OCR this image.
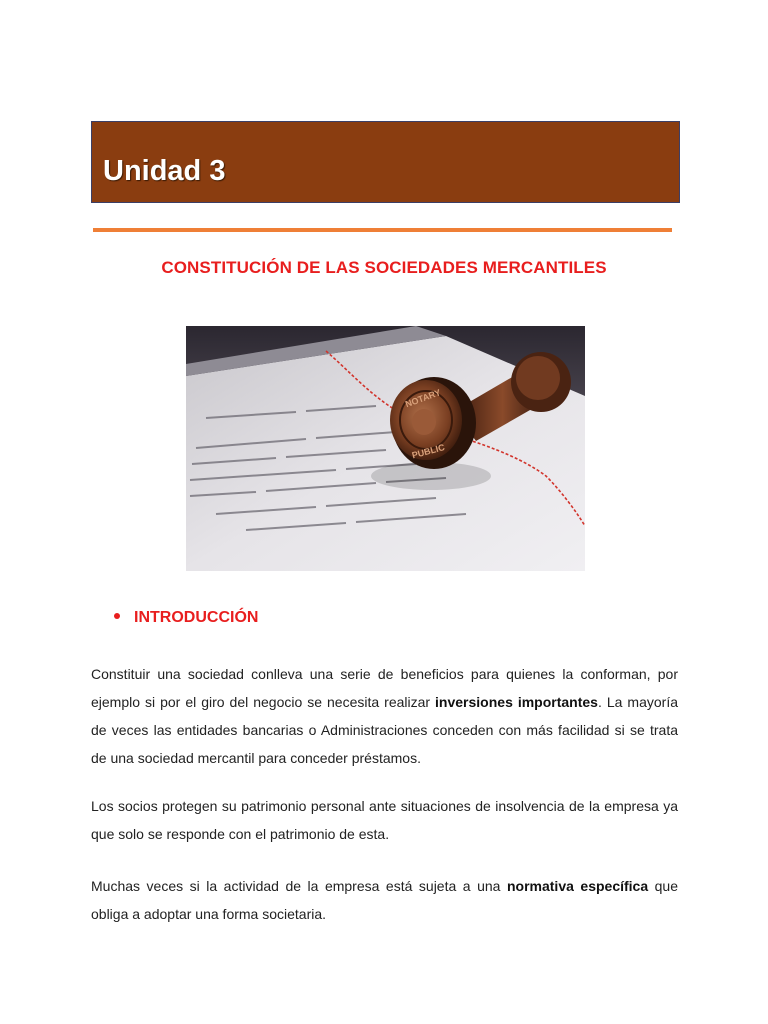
Unidad 3
CONSTITUCIÓN DE LAS SOCIEDADES MERCANTILES
NOTARY
PUBLIC
INTRODUCCIÓN

Constituir una sociedad conlleva una serie de beneficios para quienes la conforman, por ejemplo si por el giro del negocio se necesita realizar inversiones importantes. La mayoría de veces las entidades bancarias o Administraciones conceden con más facilidad si se trata de una sociedad mercantil para conceder préstamos.

Los socios protegen su patrimonio personal ante situaciones de insolvencia de la empresa ya que solo se responde con el patrimonio de esta.

Muchas veces si la actividad de la empresa está sujeta a una normativa específica que obliga a adoptar una forma societaria.
